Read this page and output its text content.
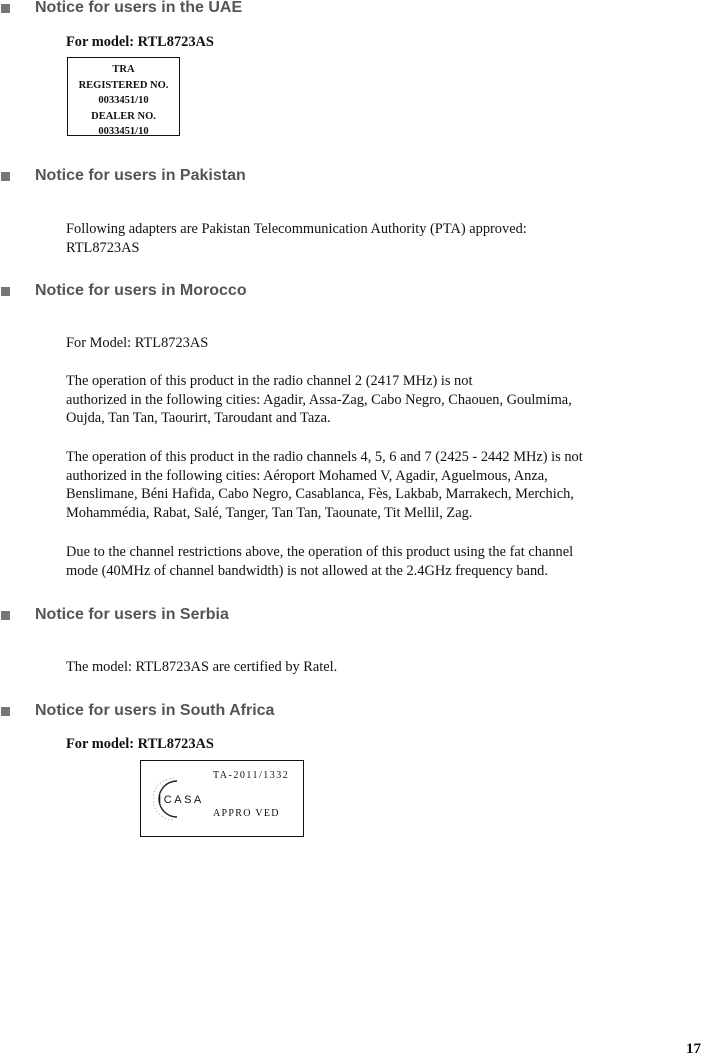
Notice for users in the UAE
For model: RTL8723AS
TRA
REGISTERED NO.
0033451/10
DEALER NO.
0033451/10
Notice for users in Pakistan
Following adapters are Pakistan Telecommunication Authority (PTA) approved:
RTL8723AS
Notice for users in Morocco
For Model: RTL8723AS
The operation of this product in the radio channel 2 (2417 MHz) is not
authorized in the following cities: Agadir, Assa-Zag, Cabo Negro, Chaouen, Goulmima,
Oujda, Tan Tan, Taourirt, Taroudant and Taza.
The operation of this product in the radio channels 4, 5, 6 and 7 (2425 - 2442 MHz) is not
authorized in the following cities: Aéroport Mohamed V, Agadir, Aguelmous, Anza,
Benslimane, Béni Hafida, Cabo Negro, Casablanca, Fès, Lakbab, Marrakech, Merchich,
Mohammédia, Rabat, Salé, Tanger, Tan Tan, Taounate, Tit Mellil, Zag.
Due to the channel restrictions above, the operation of this product using the fat channel
mode (40MHz of channel bandwidth) is not allowed at the 2.4GHz frequency band.
Notice for users in Serbia
The model: RTL8723AS are certified by Ratel.
Notice for users in South Africa
For model: RTL8723AS
TA-2011/1332
ICASA
APPRO VED
17
